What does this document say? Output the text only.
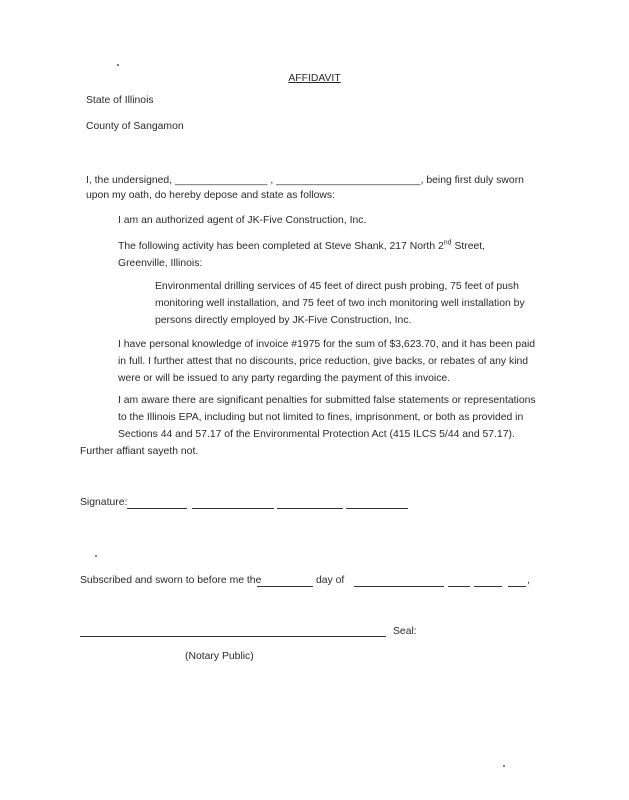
AFFIDAVIT
State of Illinois
County of Sangamon
I, the undersigned, ________________ , _________________________, being first duly sworn
upon my oath, do hereby depose and state as follows:
I am an authorized agent of JK-Five Construction, Inc.
The following activity has been completed at Steve Shank, 217 North 2nd Street, Greenville, Illinois:
Environmental drilling services of 45 feet of direct push probing, 75 feet of push monitoring well installation, and 75 feet of two inch monitoring well installation by persons directly employed by JK-Five Construction, Inc.
I have personal knowledge of invoice #1975 for the sum of $3,623.70, and it has been paid in full. I further attest that no discounts, price reduction, give backs, or rebates of any kind were or will be issued to any party regarding the payment of this invoice.
I am aware there are significant penalties for submitted false statements or representations to the Illinois EPA, including but not limited to fines, imprisonment, or both as provided in Sections 44 and 57.17 of the Environmental Protection Act (415 ILCS 5/44 and 57.17).
Further affiant sayeth not.
Signature:
Subscribed and sworn to before me the	day of	,
Seal:
(Notary Public)
